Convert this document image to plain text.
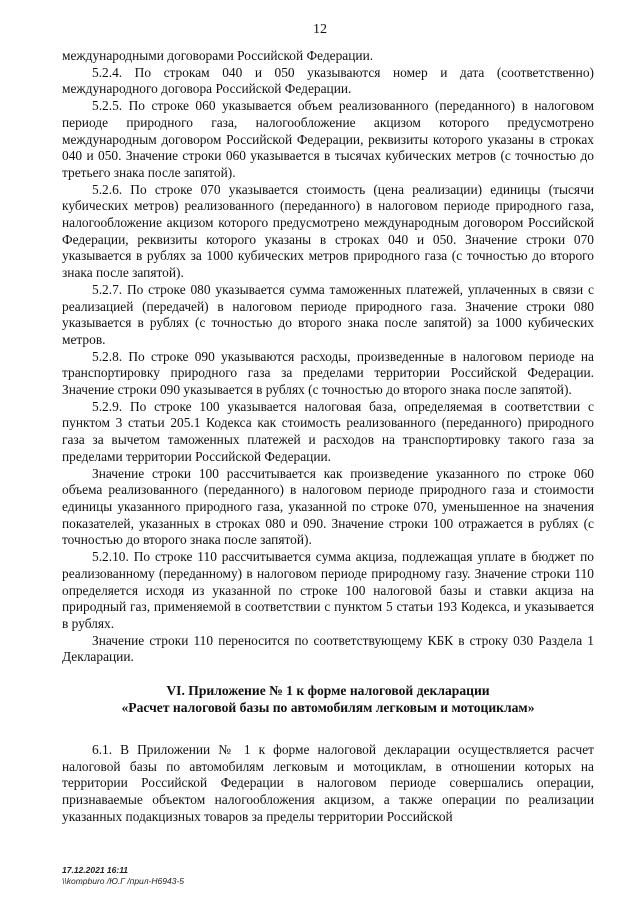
12

международными договорами Российской Федерации.

5.2.4. По строкам 040 и 050 указываются номер и дата (соответственно) международного договора Российской Федерации.

5.2.5. По строке 060 указывается объем реализованного (переданного) в налоговом периоде природного газа, налогообложение акцизом которого предусмотрено международным договором Российской Федерации, реквизиты которого указаны в строках 040 и 050. Значение строки 060 указывается в тысячах кубических метров (с точностью до третьего знака после запятой).

5.2.6. По строке 070 указывается стоимость (цена реализации) единицы (тысячи кубических метров) реализованного (переданного) в налоговом периоде природного газа, налогообложение акцизом которого предусмотрено международным договором Российской Федерации, реквизиты которого указаны в строках 040 и 050. Значение строки 070 указывается в рублях за 1000 кубических метров природного газа (с точностью до второго знака после запятой).

5.2.7. По строке 080 указывается сумма таможенных платежей, уплаченных в связи с реализацией (передачей) в налоговом периоде природного газа. Значение строки 080 указывается в рублях (с точностью до второго знака после запятой) за 1000 кубических метров.

5.2.8. По строке 090 указываются расходы, произведенные в налоговом периоде на транспортировку природного газа за пределами территории Российской Федерации. Значение строки 090 указывается в рублях (с точностью до второго знака после запятой).

5.2.9. По строке 100 указывается налоговая база, определяемая в соответствии с пунктом 3 статьи 205.1 Кодекса как стоимость реализованного (переданного) природного газа за вычетом таможенных платежей и расходов на транспортировку такого газа за пределами территории Российской Федерации.

Значение строки 100 рассчитывается как произведение указанного по строке 060 объема реализованного (переданного) в налоговом периоде природного газа и стоимости единицы указанного природного газа, указанной по строке 070, уменьшенное на значения показателей, указанных в строках 080 и 090. Значение строки 100 отражается в рублях (с точностью до второго знака после запятой).

5.2.10. По строке 110 рассчитывается сумма акциза, подлежащая уплате в бюджет по реализованному (переданному) в налоговом периоде природному газу. Значение строки 110 определяется исходя из указанной по строке 100 налоговой базы и ставки акциза на природный газ, применяемой в соответствии с пунктом 5 статьи 193 Кодекса, и указывается в рублях.

Значение строки 110 переносится по соответствующему КБК в строку 030 Раздела 1 Декларации.

VI. Приложение № 1 к форме налоговой декларации
«Расчет налоговой базы по автомобилям легковым и мотоциклам»

6.1. В Приложении № 1 к форме налоговой декларации осуществляется расчет налоговой базы по автомобилям легковым и мотоциклам, в отношении которых на территории Российской Федерации в налоговом периоде совершались операции, признаваемые объектом налогообложения акцизом, а также операции по реализации указанных подакцизных товаров за пределы территории Российской

17.12.2021 16:11
\\kompburo /Ю.Г /прил-Н6943-5
